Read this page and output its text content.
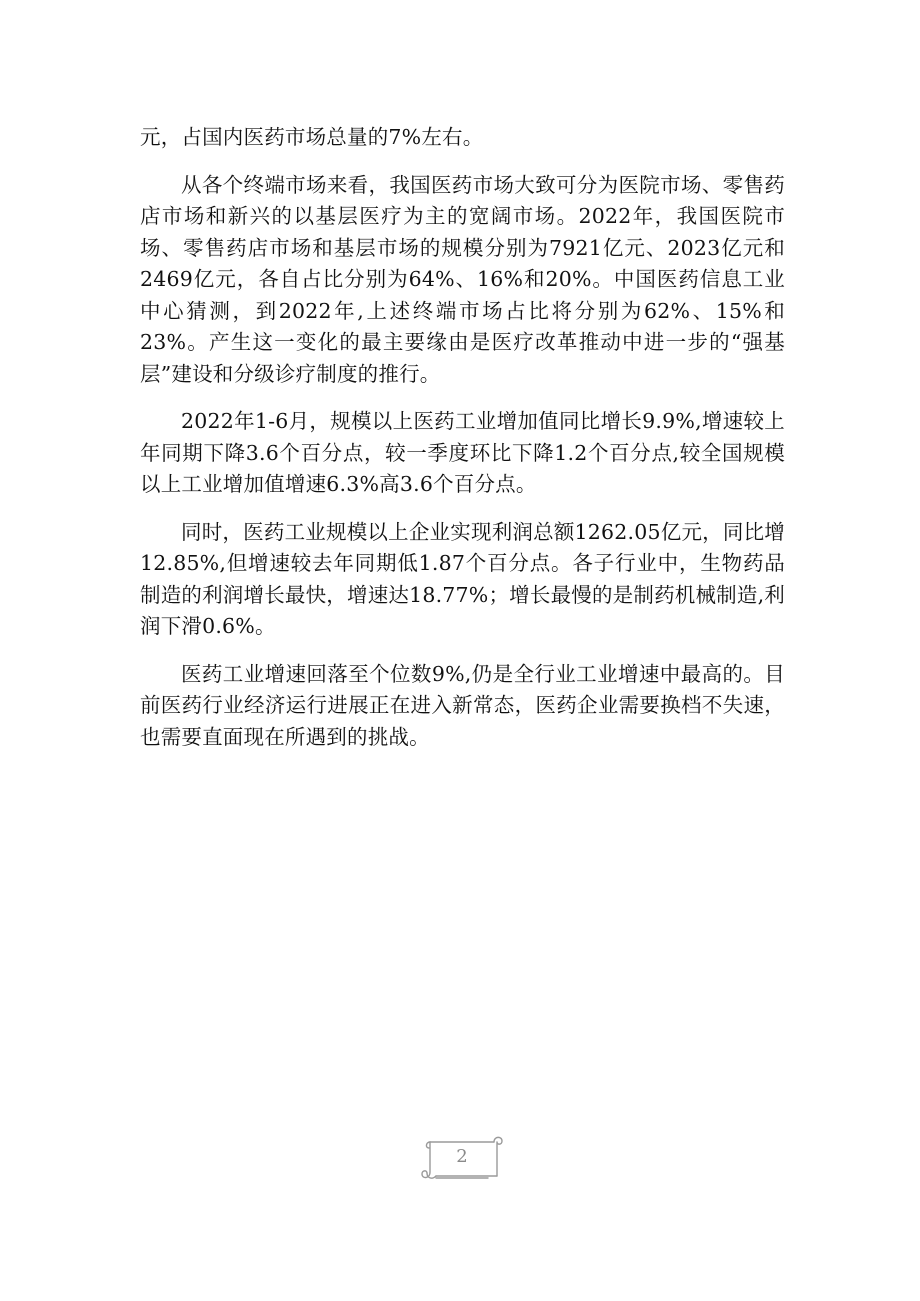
元，占国内医药市场总量的7%左右。

从各个终端市场来看，我国医药市场大致可分为医院市场、零售药店市场和新兴的以基层医疗为主的宽阔市场。2022年，我国医院市场、零售药店市场和基层市场的规模分别为7921亿元、2023亿元和2469亿元，各自占比分别为64%、16%和20%。中国医药信息工业中心猜测，到2022年,上述终端市场占比将分别为62%、15%和23%。产生这一变化的最主要缘由是医疗改革推动中进一步的“强基层”建设和分级诊疗制度的推行。

2022年1-6月，规模以上医药工业增加值同比增长9.9%,增速较上年同期下降3.6个百分点，较一季度环比下降1.2个百分点,较全国规模以上工业增加值增速6.3%高3.6个百分点。

同时，医药工业规模以上企业实现利润总额1262.05亿元，同比增12.85%,但增速较去年同期低1.87个百分点。各子行业中，生物药品制造的利润增长最快，增速达18.77%；增长最慢的是制药机械制造,利润下滑0.6%。

医药工业增速回落至个位数9%,仍是全行业工业增速中最高的。目前医药行业经济运行进展正在进入新常态，医药企业需要换档不失速，也需要直面现在所遇到的挑战。

2
